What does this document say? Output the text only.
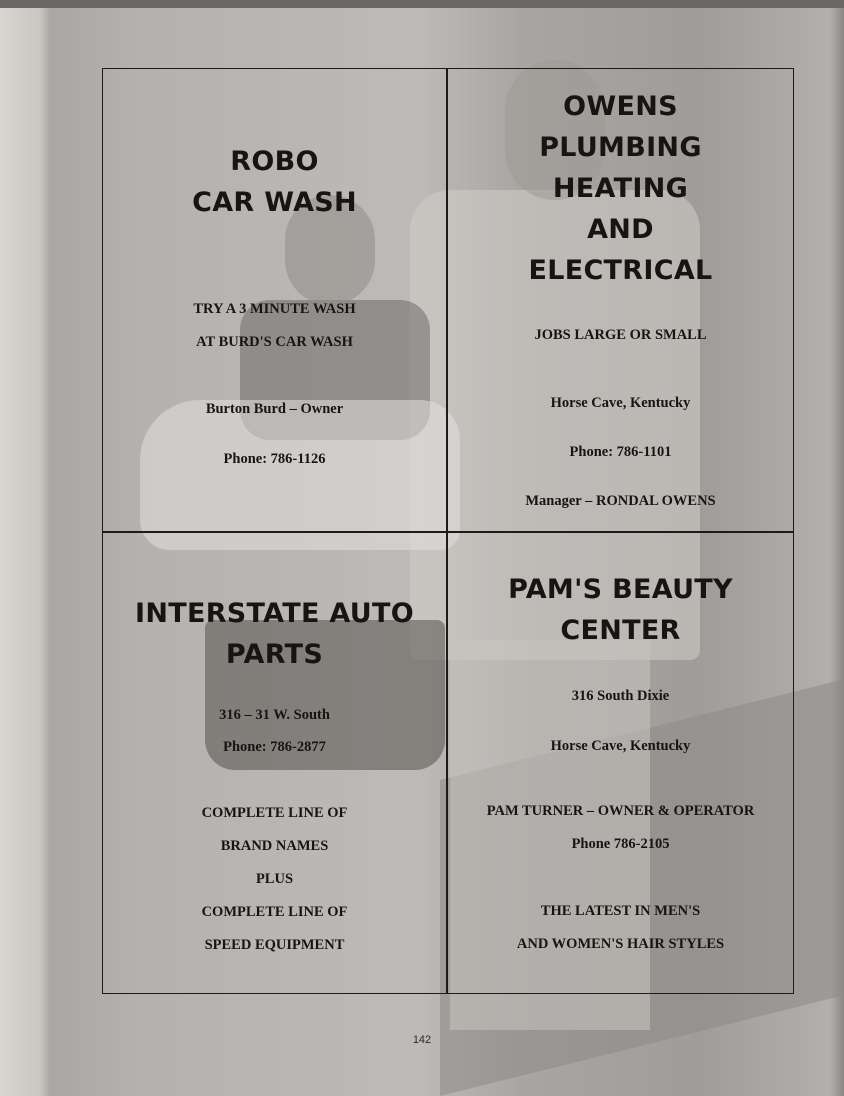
ROBO
CAR WASH
TRY A 3 MINUTE WASH
AT BURD'S CAR WASH
Burton Burd – Owner
Phone: 786-1126
OWENS
PLUMBING
HEATING
AND
ELECTRICAL
JOBS LARGE OR SMALL
Horse Cave, Kentucky
Phone: 786-1101
Manager – RONDAL OWENS
INTERSTATE AUTO
PARTS
316 – 31 W. South
Phone: 786-2877
COMPLETE LINE OF
BRAND NAMES
PLUS
COMPLETE LINE OF
SPEED EQUIPMENT
PAM'S BEAUTY
CENTER
316 South Dixie
Horse Cave, Kentucky
PAM TURNER – OWNER & OPERATOR
Phone 786-2105
THE LATEST IN MEN'S
AND WOMEN'S HAIR STYLES
142
